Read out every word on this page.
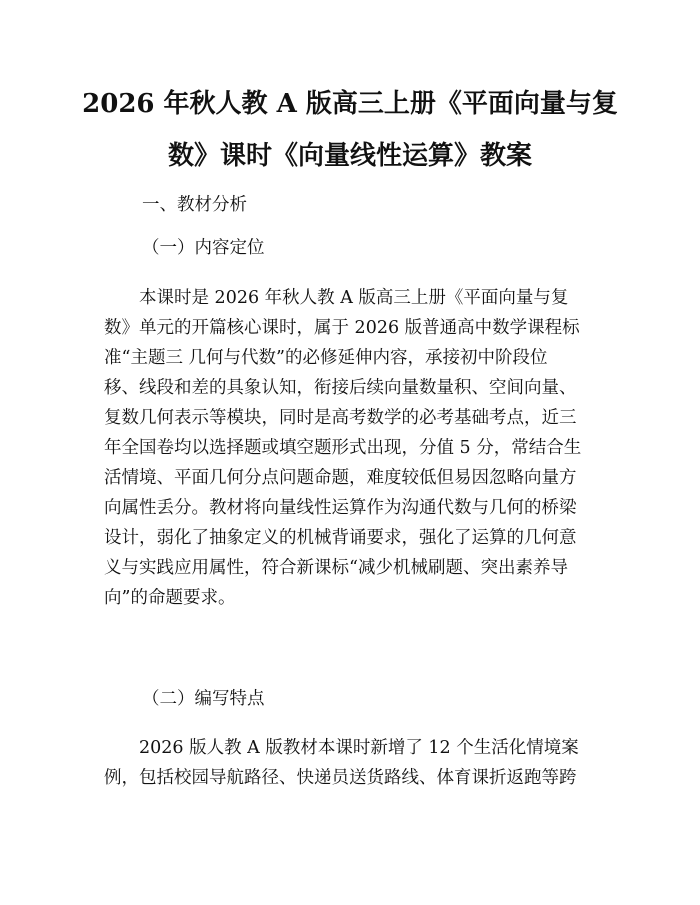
2026 年秋人教 A 版高三上册《平面向量与复
数》课时《向量线性运算》教案
一、教材分析
（一）内容定位
　　本课时是 2026 年秋人教 A 版高三上册《平面向量与复
数》单元的开篇核心课时，属于 2026 版普通高中数学课程标
准“主题三 几何与代数”的必修延伸内容，承接初中阶段位
移、线段和差的具象认知，衔接后续向量数量积、空间向量、
复数几何表示等模块，同时是高考数学的必考基础考点，近三
年全国卷均以选择题或填空题形式出现，分值 5 分，常结合生
活情境、平面几何分点问题命题，难度较低但易因忽略向量方
向属性丢分。教材将向量线性运算作为沟通代数与几何的桥梁
设计，弱化了抽象定义的机械背诵要求，强化了运算的几何意
义与实践应用属性，符合新课标“减少机械刷题、突出素养导
向”的命题要求。
（二）编写特点
　　2026 版人教 A 版教材本课时新增了 12 个生活化情境案
例，包括校园导航路径、快递员送货路线、体育课折返跑等跨
